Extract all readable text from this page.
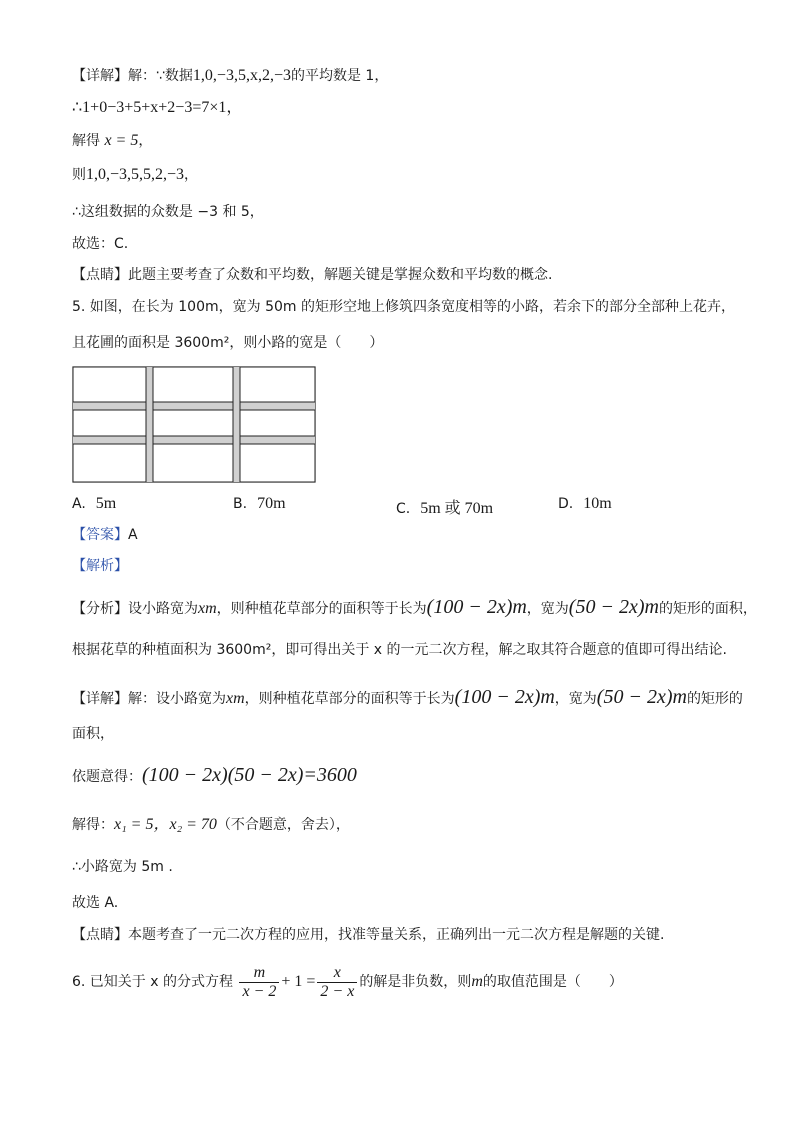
【详解】解：∵数据1,0,−3,5,x,2,−3的平均数是 1，
∴1+0−3+5+x+2−3=7×1，
解得 x = 5，
则1,0,−3,5,5,2,−3，
∴这组数据的众数是 −3 和 5，
故选：C.
【点睛】此题主要考查了众数和平均数，解题关键是掌握众数和平均数的概念.
5. 如图，在长为 100m，宽为 50m 的矩形空地上修筑四条宽度相等的小路，若余下的部分全部种上花卉，
且花圃的面积是 3600m²，则小路的宽是（　　）
A. 5m	B. 70m	C. 5m 或 70m	D. 10m
【答案】A
【解析】
【分析】设小路宽为xm，则种植花草部分的面积等于长为(100 − 2x)m，宽为(50 − 2x)m的矩形的面积，
根据花草的种植面积为 3600m²，即可得出关于 x 的一元二次方程，解之取其符合题意的值即可得出结论.
【详解】解：设小路宽为xm，则种植花草部分的面积等于长为(100 − 2x)m，宽为(50 − 2x)m的矩形的
面积，
依题意得：(100 − 2x)(50 − 2x)=3600
解得：x₁ = 5，x₂ = 70（不合题意，舍去），
∴小路宽为 5m .
故选 A.
【点睛】本题考查了一元二次方程的应用，找准等量关系，正确列出一元二次方程是解题的关键.
6. 已知关于 x 的分式方程 $\frac{m}{x - 2} + 1 = \frac{x}{2 - x}$ 的解是非负数，则m的取值范围是（　　）
